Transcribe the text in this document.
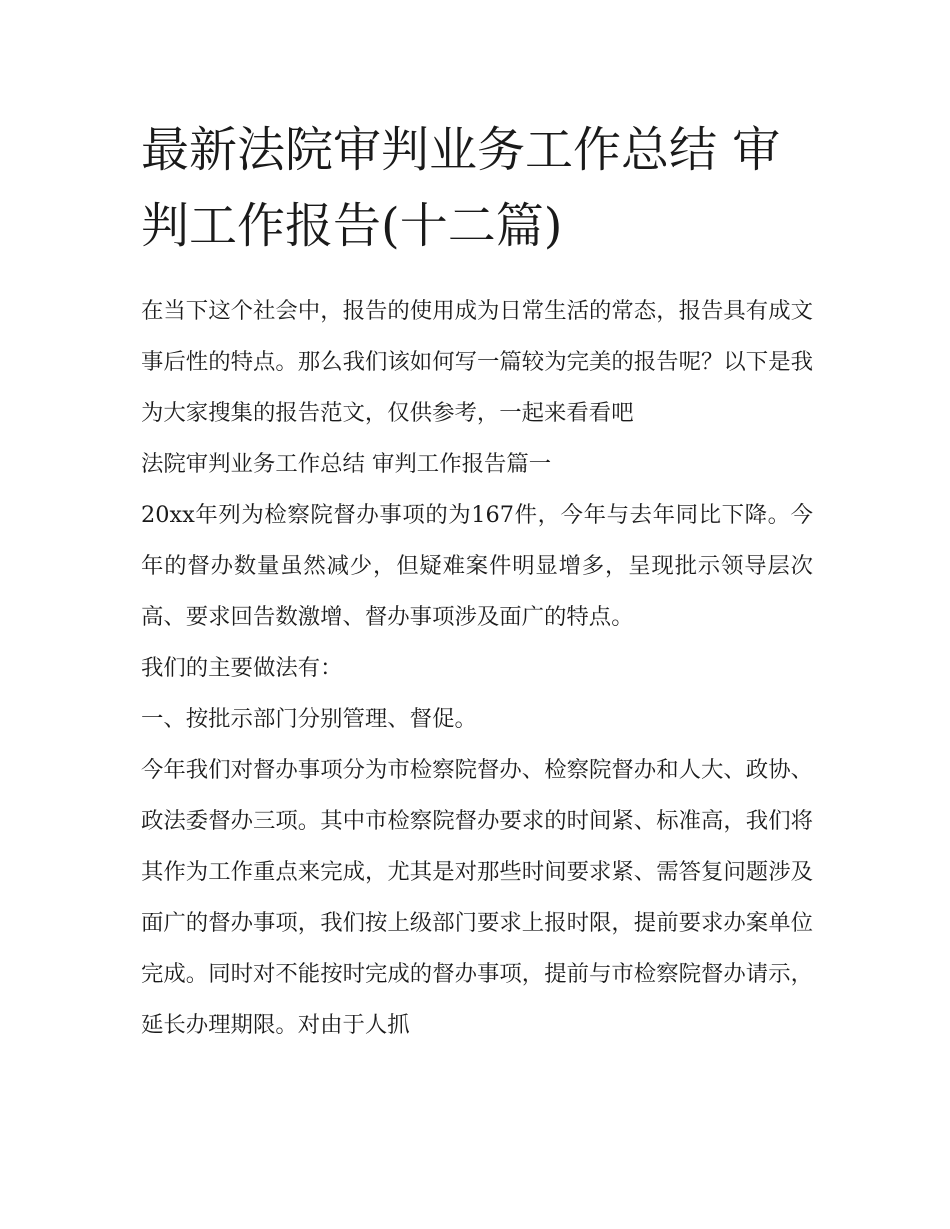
最新法院审判业务工作总结 审判工作报告(十二篇)

在当下这个社会中，报告的使用成为日常生活的常态，报告具有成文事后性的特点。那么我们该如何写一篇较为完美的报告呢？以下是我为大家搜集的报告范文，仅供参考，一起来看看吧

法院审判业务工作总结 审判工作报告篇一

20xx年列为检察院督办事项的为167件，今年与去年同比下降。今年的督办数量虽然减少，但疑难案件明显增多，呈现批示领导层次高、要求回告数激增、督办事项涉及面广的特点。

我们的主要做法有：

一、按批示部门分别管理、督促。

今年我们对督办事项分为市检察院督办、检察院督办和人大、政协、政法委督办三项。其中市检察院督办要求的时间紧、标准高，我们将其作为工作重点来完成，尤其是对那些时间要求紧、需答复问题涉及面广的督办事项，我们按上级部门要求上报时限，提前要求办案单位完成。同时对不能按时完成的督办事项，提前与市检察院督办请示，延长办理期限。对由于人抓
